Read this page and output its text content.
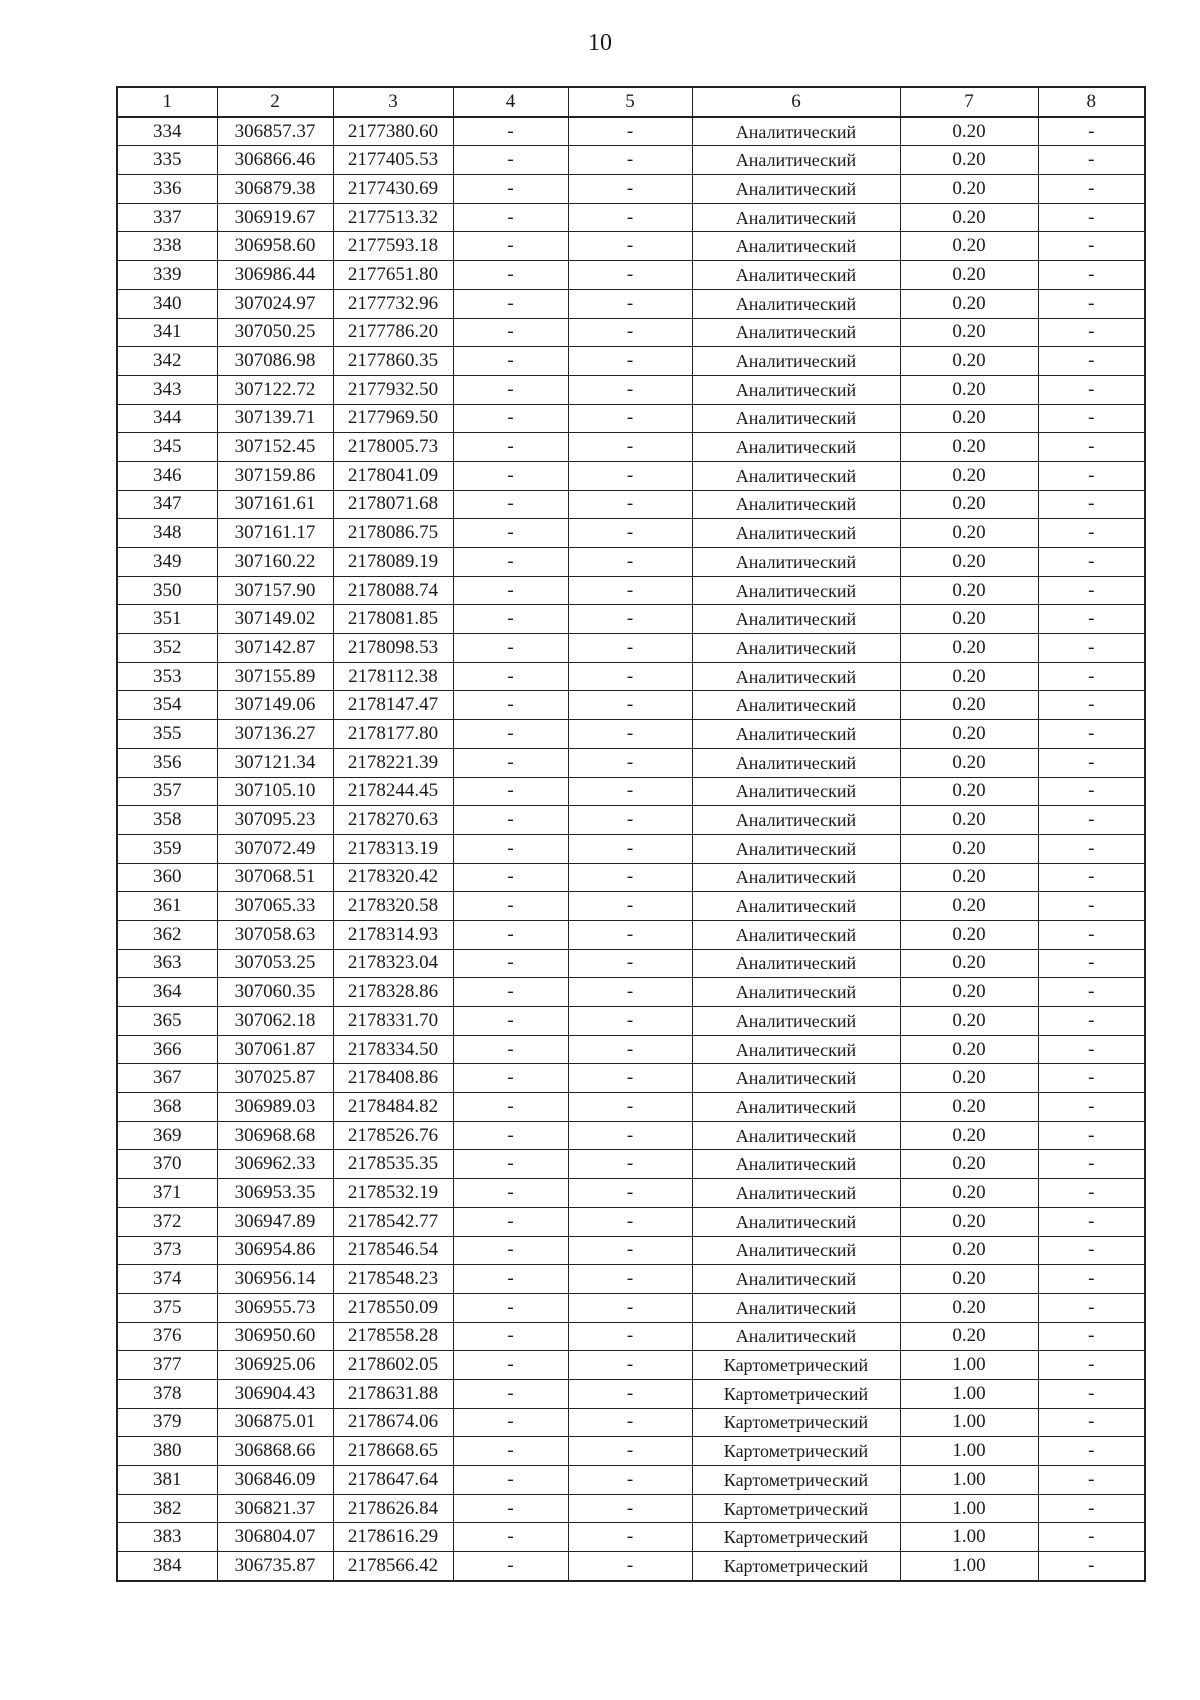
10
1	2	3	4	5	6	7	8
334	306857.37	2177380.60	-	-	Аналитический	0.20	-
335	306866.46	2177405.53	-	-	Аналитический	0.20	-
336	306879.38	2177430.69	-	-	Аналитический	0.20	-
337	306919.67	2177513.32	-	-	Аналитический	0.20	-
338	306958.60	2177593.18	-	-	Аналитический	0.20	-
339	306986.44	2177651.80	-	-	Аналитический	0.20	-
340	307024.97	2177732.96	-	-	Аналитический	0.20	-
341	307050.25	2177786.20	-	-	Аналитический	0.20	-
342	307086.98	2177860.35	-	-	Аналитический	0.20	-
343	307122.72	2177932.50	-	-	Аналитический	0.20	-
344	307139.71	2177969.50	-	-	Аналитический	0.20	-
345	307152.45	2178005.73	-	-	Аналитический	0.20	-
346	307159.86	2178041.09	-	-	Аналитический	0.20	-
347	307161.61	2178071.68	-	-	Аналитический	0.20	-
348	307161.17	2178086.75	-	-	Аналитический	0.20	-
349	307160.22	2178089.19	-	-	Аналитический	0.20	-
350	307157.90	2178088.74	-	-	Аналитический	0.20	-
351	307149.02	2178081.85	-	-	Аналитический	0.20	-
352	307142.87	2178098.53	-	-	Аналитический	0.20	-
353	307155.89	2178112.38	-	-	Аналитический	0.20	-
354	307149.06	2178147.47	-	-	Аналитический	0.20	-
355	307136.27	2178177.80	-	-	Аналитический	0.20	-
356	307121.34	2178221.39	-	-	Аналитический	0.20	-
357	307105.10	2178244.45	-	-	Аналитический	0.20	-
358	307095.23	2178270.63	-	-	Аналитический	0.20	-
359	307072.49	2178313.19	-	-	Аналитический	0.20	-
360	307068.51	2178320.42	-	-	Аналитический	0.20	-
361	307065.33	2178320.58	-	-	Аналитический	0.20	-
362	307058.63	2178314.93	-	-	Аналитический	0.20	-
363	307053.25	2178323.04	-	-	Аналитический	0.20	-
364	307060.35	2178328.86	-	-	Аналитический	0.20	-
365	307062.18	2178331.70	-	-	Аналитический	0.20	-
366	307061.87	2178334.50	-	-	Аналитический	0.20	-
367	307025.87	2178408.86	-	-	Аналитический	0.20	-
368	306989.03	2178484.82	-	-	Аналитический	0.20	-
369	306968.68	2178526.76	-	-	Аналитический	0.20	-
370	306962.33	2178535.35	-	-	Аналитический	0.20	-
371	306953.35	2178532.19	-	-	Аналитический	0.20	-
372	306947.89	2178542.77	-	-	Аналитический	0.20	-
373	306954.86	2178546.54	-	-	Аналитический	0.20	-
374	306956.14	2178548.23	-	-	Аналитический	0.20	-
375	306955.73	2178550.09	-	-	Аналитический	0.20	-
376	306950.60	2178558.28	-	-	Аналитический	0.20	-
377	306925.06	2178602.05	-	-	Картометрический	1.00	-
378	306904.43	2178631.88	-	-	Картометрический	1.00	-
379	306875.01	2178674.06	-	-	Картометрический	1.00	-
380	306868.66	2178668.65	-	-	Картометрический	1.00	-
381	306846.09	2178647.64	-	-	Картометрический	1.00	-
382	306821.37	2178626.84	-	-	Картометрический	1.00	-
383	306804.07	2178616.29	-	-	Картометрический	1.00	-
384	306735.87	2178566.42	-	-	Картометрический	1.00	-
